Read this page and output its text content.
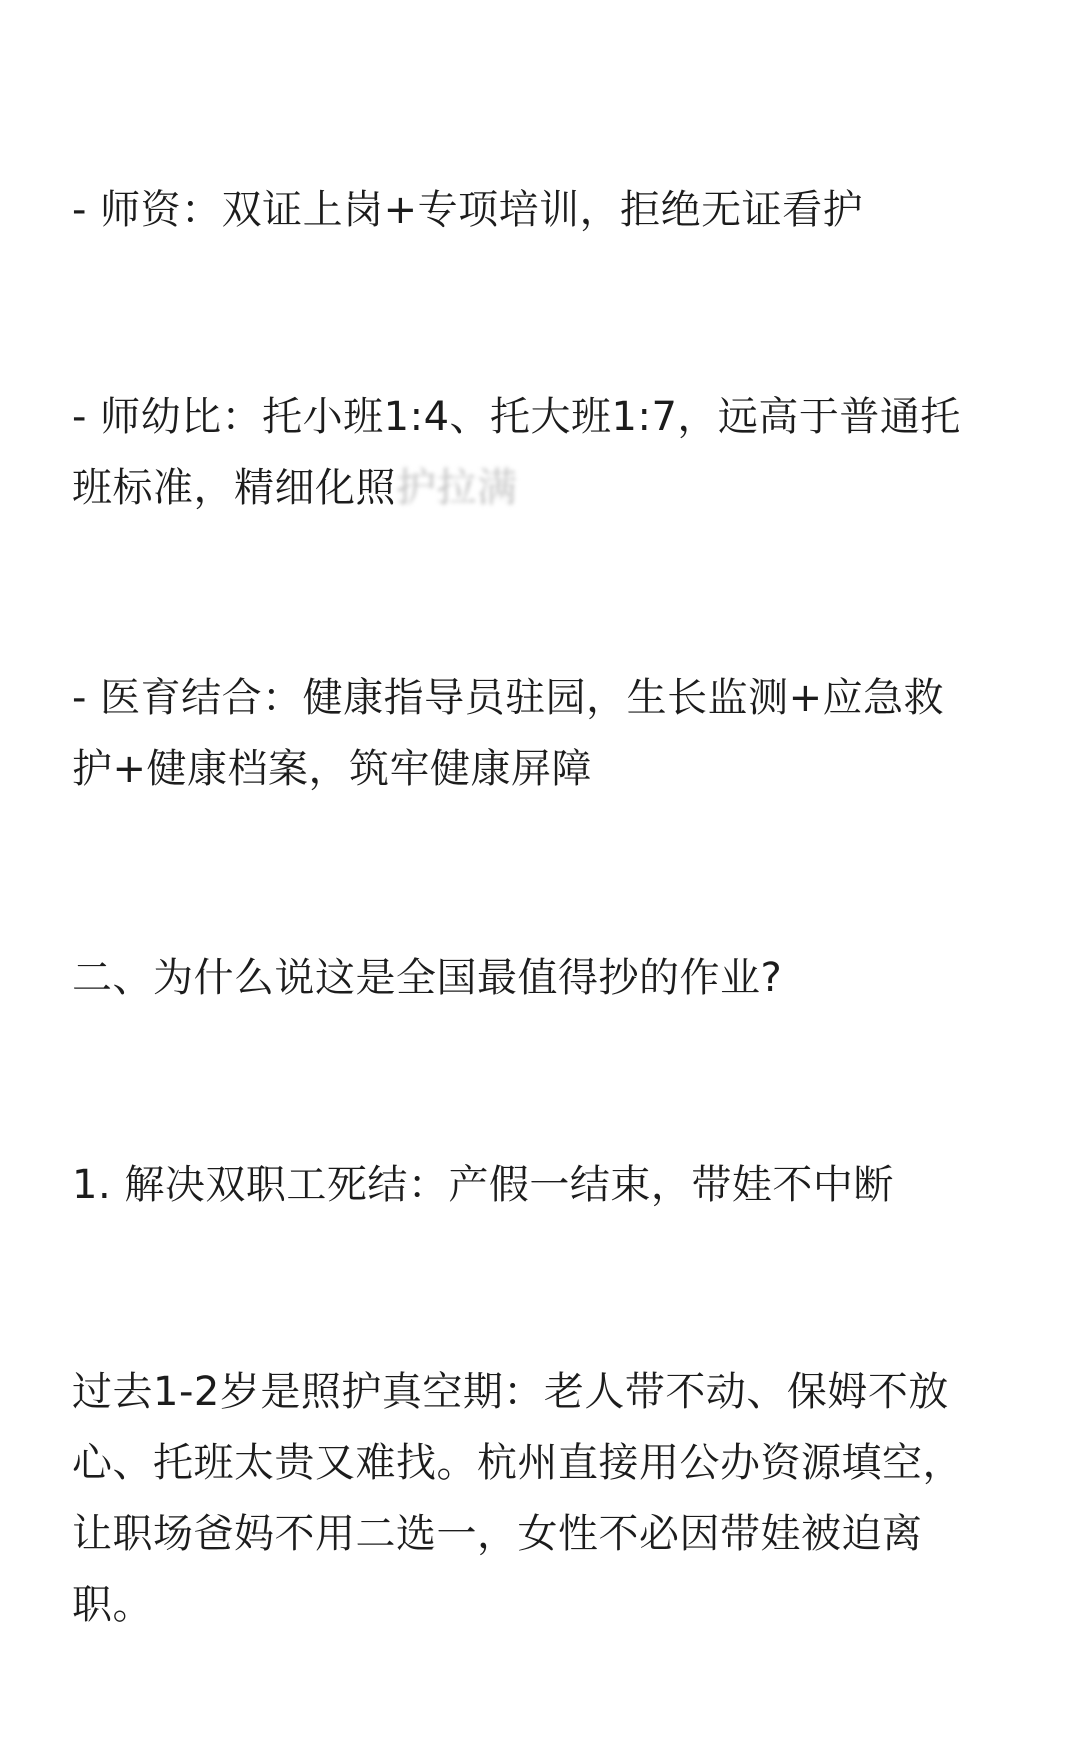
- 师资：双证上岗+专项培训，拒绝无证看护

- 师幼比：托小班1:4、托大班1:7，远高于普通托
班标准，精细化照护拉满

- 医育结合：健康指导员驻园，生长监测+应急救
护+健康档案，筑牢健康屏障

二、为什么说这是全国最值得抄的作业?

1. 解决双职工死结：产假一结束，带娃不中断

过去1-2岁是照护真空期：老人带不动、保姆不放
心、托班太贵又难找。杭州直接用公办资源填空，
让职场爸妈不用二选一，女性不必因带娃被迫离
职。
